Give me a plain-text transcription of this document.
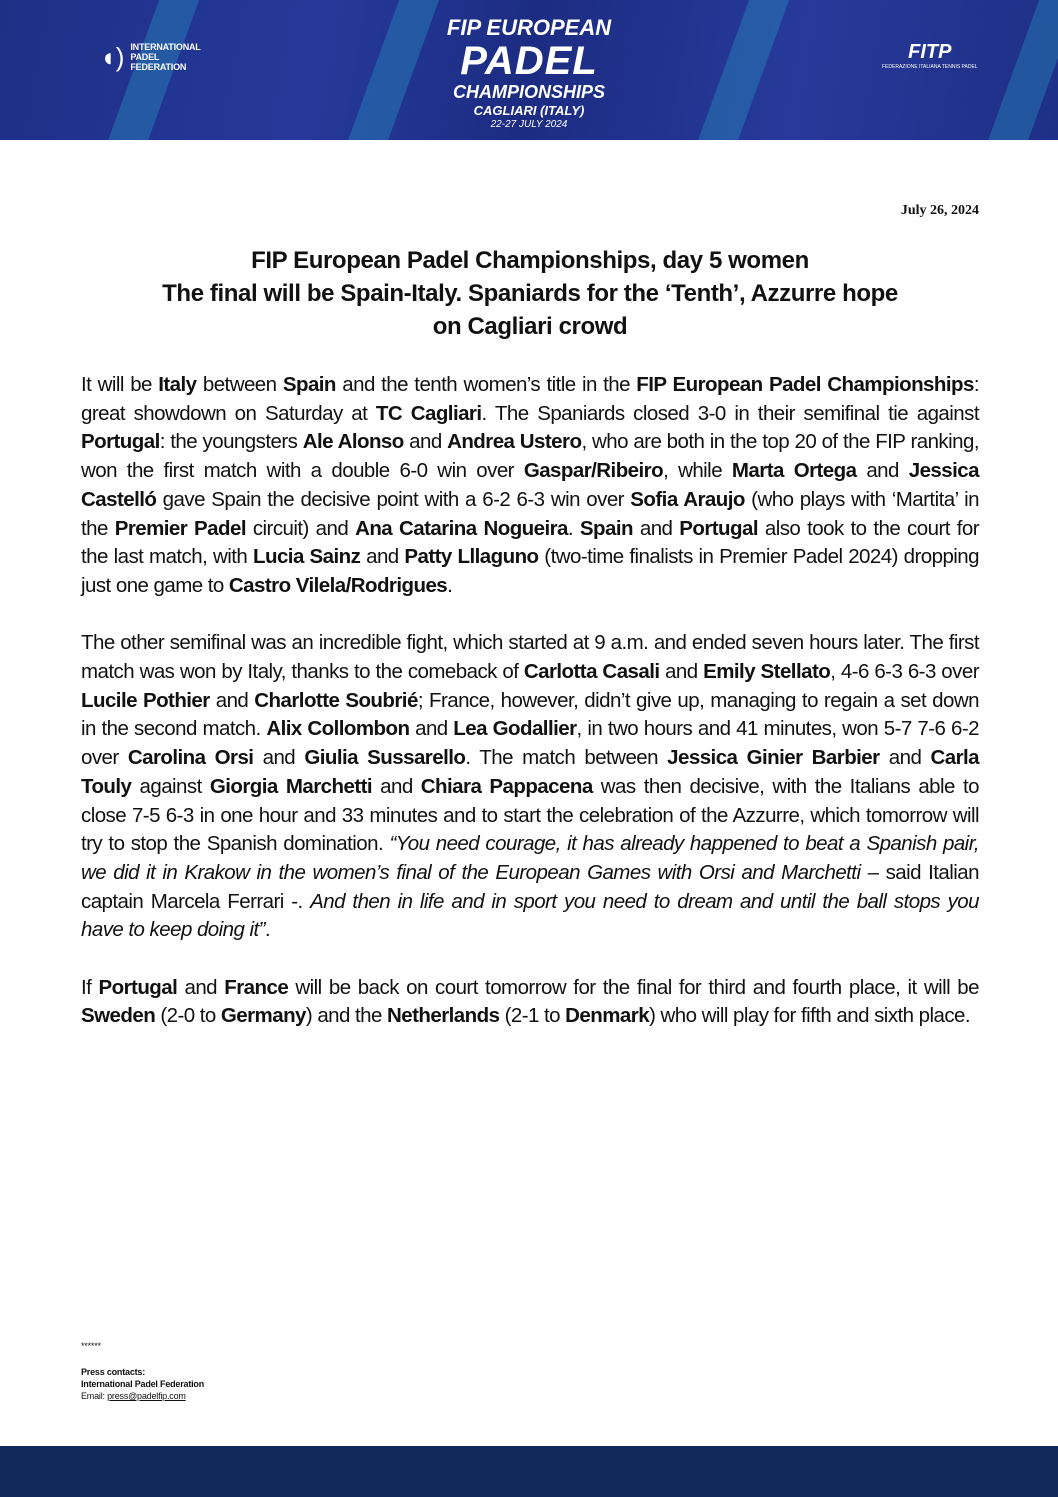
◖) INTERNATIONAL
PADEL
FEDERATION
FIP EUROPEAN
PADEL
CHAMPIONSHIPS
CAGLIARI (ITALY)
22-27 JULY 2024
FITP
FEDERAZIONE ITALIANA TENNIS PADEL
July 26, 2024
FIP European Padel Championships, day 5 women
The final will be Spain-Italy. Spaniards for the ‘Tenth’, Azzurre hope
on Cagliari crowd

It will be Italy between Spain and the tenth women’s title in the FIP European Padel Championships: great showdown on Saturday at TC Cagliari. The Spaniards closed 3-0 in their semifinal tie against Portugal: the youngsters Ale Alonso and Andrea Ustero, who are both in the top 20 of the FIP ranking, won the first match with a double 6-0 win over Gaspar/Ribeiro, while Marta Ortega and Jessica Castelló gave Spain the decisive point with a 6-2 6-3 win over Sofia Araujo (who plays with ‘Martita’ in the Premier Padel circuit) and Ana Catarina Nogueira. Spain and Portugal also took to the court for the last match, with Lucia Sainz and Patty Lllaguno (two-time finalists in Premier Padel 2024) dropping just one game to Castro Vilela/Rodrigues.

The other semifinal was an incredible fight, which started at 9 a.m. and ended seven hours later. The first match was won by Italy, thanks to the comeback of Carlotta Casali and Emily Stellato, 4-6 6-3 6-3 over Lucile Pothier and Charlotte Soubrié; France, however, didn’t give up, managing to regain a set down in the second match. Alix Collombon and Lea Godallier, in two hours and 41 minutes, won 5-7 7-6 6-2 over Carolina Orsi and Giulia Sussarello. The match between Jessica Ginier Barbier and Carla Touly against Giorgia Marchetti and Chiara Pappacena was then decisive, with the Italians able to close 7-5 6-3 in one hour and 33 minutes and to start the celebration of the Azzurre, which tomorrow will try to stop the Spanish domination. “You need courage, it has already happened to beat a Spanish pair, we did it in Krakow in the women’s final of the European Games with Orsi and Marchetti – said Italian captain Marcela Ferrari -. And then in life and in sport you need to dream and until the ball stops you have to keep doing it”.

If Portugal and France will be back on court tomorrow for the final for third and fourth place, it will be Sweden (2-0 to Germany) and the Netherlands (2-1 to Denmark) who will play for fifth and sixth place.

******
Press contacts:
International Padel Federation
Email: press@padelfip.com
